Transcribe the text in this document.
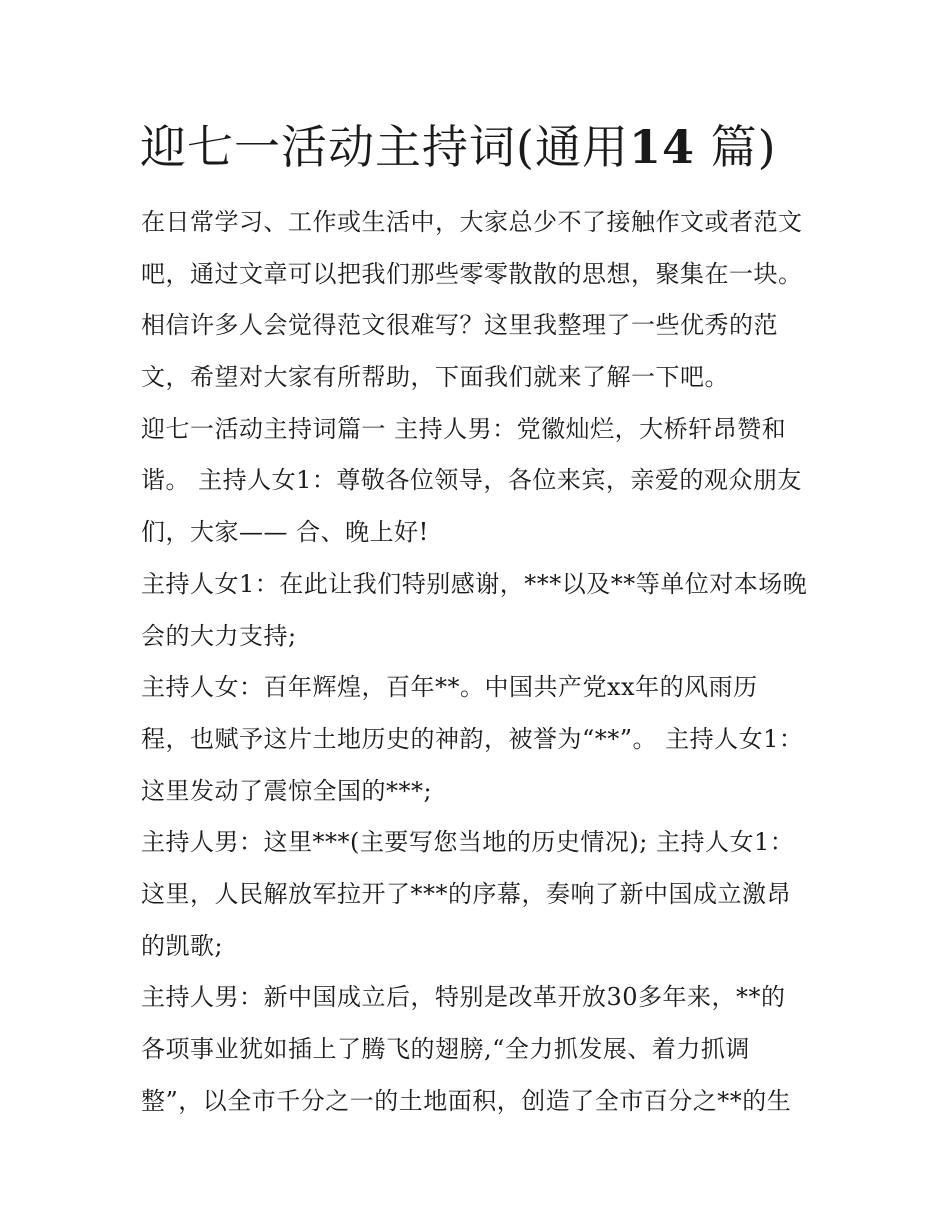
迎七一活动主持词(通用14 篇)
在日常学习、工作或生活中，大家总少不了接触作文或者范文
吧，通过文章可以把我们那些零零散散的思想，聚集在一块。
相信许多人会觉得范文很难写？这里我整理了一些优秀的范
文，希望对大家有所帮助，下面我们就来了解一下吧。
迎七一活动主持词篇一 主持人男：党徽灿烂，大桥轩昂赞和
谐。 主持人女1：尊敬各位领导，各位来宾，亲爱的观众朋友
们，大家—— 合、晚上好!
主持人女1：在此让我们特别感谢，***以及**等单位对本场晚
会的大力支持;
主持人女：百年辉煌，百年**。中国共产党xx年的风雨历
程，也赋予这片土地历史的神韵，被誉为“**”。 主持人女1：
这里发动了震惊全国的***;
主持人男：这里***(主要写您当地的历史情况); 主持人女1：
这里，人民解放军拉开了***的序幕，奏响了新中国成立激昂
的凯歌;
主持人男：新中国成立后，特别是改革开放30多年来，**的
各项事业犹如插上了腾飞的翅膀,“全力抓发展、着力抓调
整”，以全市千分之一的土地面积，创造了全市百分之**的生
